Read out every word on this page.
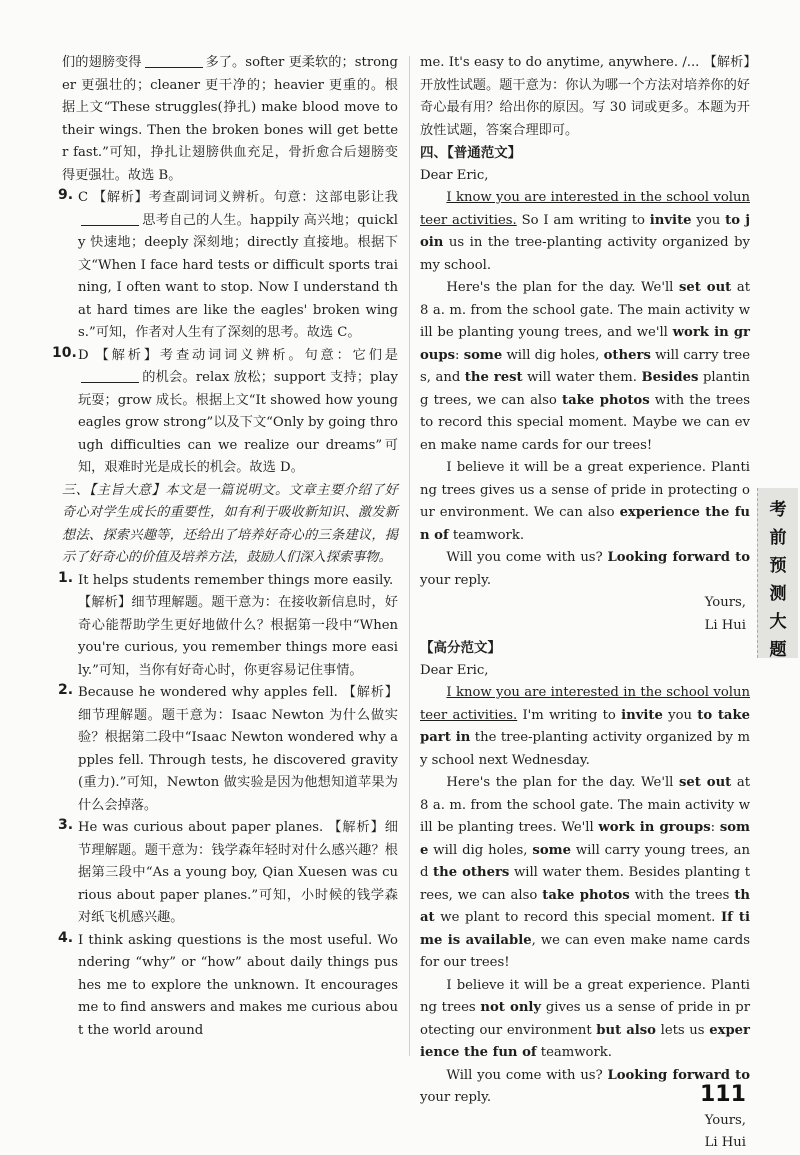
们的翅膀变得	多了。softer 更柔软的；stronger 更强壮的；cleaner 更干净的；heavier 更重的。根据上文“These struggles(挣扎) make blood move to their wings. Then the broken bones will get better fast.”可知，挣扎让翅膀供血充足，骨折愈合后翅膀变得更强壮。故选 B。

9. C 【解析】考查副词词义辨析。句意：这部电影让我思考自己的人生。happily 高兴地；quickly 快速地；deeply 深刻地；directly 直接地。根据下文“When I face hard tests or difficult sports training, I often want to stop. Now I understand that hard times are like the eagles' broken wings.”可知，作者对人生有了深刻的思考。故选 C。

10. D 【解析】考查动词词义辨析。句意：它们是的机会。relax 放松；support 支持；play 玩耍；grow 成长。根据上文“It showed how young eagles grow strong”以及下文“Only by going through difficulties can we realize our dreams”可知，艰难时光是成长的机会。故选 D。

三、【主旨大意】本文是一篇说明文。文章主要介绍了好奇心对学生成长的重要性，如有利于吸收新知识、激发新想法、探索兴趣等，还给出了培养好奇心的三条建议，揭示了好奇心的价值及培养方法，鼓励人们深入探索事物。

1. It helps students remember things more easily.

【解析】细节理解题。题干意为：在接收新信息时，好奇心能帮助学生更好地做什么？根据第一段中“When you're curious, you remember things more easily.”可知，当你有好奇心时，你更容易记住事情。

2. Because he wondered why apples fell. 【解析】细节理解题。题干意为：Isaac Newton 为什么做实验？根据第二段中“Isaac Newton wondered why apples fell. Through tests, he discovered gravity(重力).”可知，Newton 做实验是因为他想知道苹果为什么会掉落。

3. He was curious about paper planes. 【解析】细节理解题。题干意为：钱学森年轻时对什么感兴趣？根据第三段中“As a young boy, Qian Xuesen was curious about paper planes.”可知，小时候的钱学森对纸飞机感兴趣。

4. I think asking questions is the most useful. Wondering “why” or “how” about daily things pushes me to explore the unknown. It encourages me to find answers and makes me curious about the world around

me. It's easy to do anytime, anywhere. /... 【解析】开放性试题。题干意为：你认为哪一个方法对培养你的好奇心最有用？给出你的原因。写 30 词或更多。本题为开放性试题，答案合理即可。

四、【普通范文】

Dear Eric,

I know you are interested in the school volunteer activities. So I am writing to invite you to join us in the tree-planting activity organized by my school.

Here's the plan for the day. We'll set out at 8 a. m. from the school gate. The main activity will be planting young trees, and we'll work in groups: some will dig holes, others will carry trees, and the rest will water them. Besides planting trees, we can also take photos with the trees to record this special moment. Maybe we can even make name cards for our trees!

I believe it will be a great experience. Planting trees gives us a sense of pride in protecting our environment. We can also experience the fun of teamwork.

Will you come with us? Looking forward to your reply.

Yours,

Li Hui

【高分范文】

Dear Eric,

I know you are interested in the school volunteer activities. I'm writing to invite you to take part in the tree-planting activity organized by my school next Wednesday.

Here's the plan for the day. We'll set out at 8 a. m. from the school gate. The main activity will be planting trees. We'll work in groups: some will dig holes, some will carry young trees, and the others will water them. Besides planting trees, we can also take photos with the trees that we plant to record this special moment. If time is available, we can even make name cards for our trees!

I believe it will be a great experience. Planting trees not only gives us a sense of pride in protecting our environment but also lets us experience the fun of teamwork.

Will you come with us? Looking forward to your reply.

Yours,

Li Hui

考前预测大题
111
